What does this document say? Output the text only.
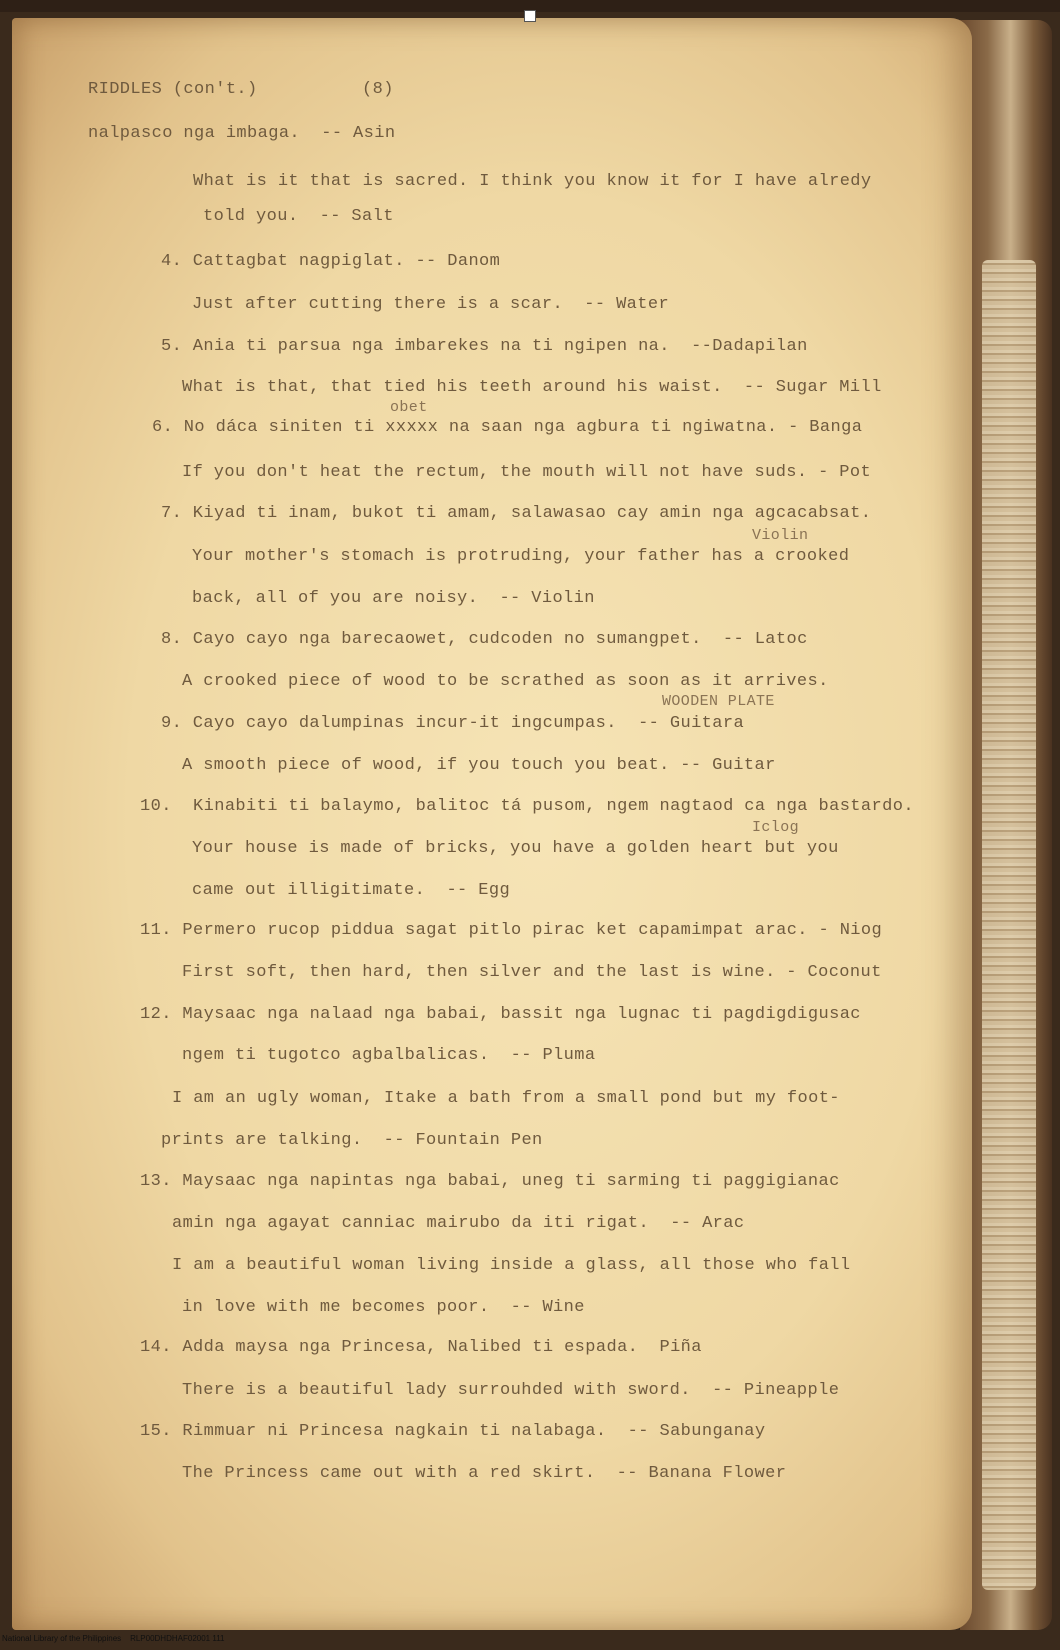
RIDDLES (con't.)	(8)
nalpasco nga imbaga.  -- Asin
What is it that is sacred. I think you know it for I have alredy
told you.  -- Salt
4. Cattagbat nagpiglat. -- Danom
Just after cutting there is a scar.  -- Water
5. Ania ti parsua nga imbarekes na ti ngipen na.  --Dadapilan
What is that, that tied his teeth around his waist.  -- Sugar Mill
obet
6. No dáca siniten ti xxxxx na saan nga agbura ti ngiwatna. - Banga
If you don't heat the rectum, the mouth will not have suds. - Pot
7. Kiyad ti inam, bukot ti amam, salawasao cay amin nga agcacabsat.
Violin
Your mother's stomach is protruding, your father has a crooked
back, all of you are noisy.  -- Violin
8. Cayo cayo nga barecaowet, cudcoden no sumangpet.  -- Latoc
A crooked piece of wood to be scrathed as soon as it arrives.
WOODEN PLATE
9. Cayo cayo dalumpinas incur-it ingcumpas.  -- Guitara
A smooth piece of wood, if you touch you beat. -- Guitar
10.  Kinabiti ti balaymo, balitoc tá pusom, ngem nagtaod ca nga bastardo.
Iclog
Your house is made of bricks, you have a golden heart but you
came out illigitimate.  -- Egg
11. Permero rucop piddua sagat pitlo pirac ket capamimpat arac. - Niog
First soft, then hard, then silver and the last is wine. - Coconut
12. Maysaac nga nalaad nga babai, bassit nga lugnac ti pagdigdigusac
ngem ti tugotco agbalbalicas.  -- Pluma
I am an ugly woman, Itake a bath from a small pond but my foot-
prints are talking.  -- Fountain Pen
13. Maysaac nga napintas nga babai, uneg ti sarming ti paggigianac
amin nga agayat canniac mairubo da iti rigat.  -- Arac
I am a beautiful woman living inside a glass, all those who fall
in love with me becomes poor.  -- Wine
14. Adda maysa nga Princesa, Nalibed ti espada.  Piña
There is a beautiful lady surrouhded with sword.  -- Pineapple
15. Rimmuar ni Princesa nagkain ti nalabaga.  -- Sabunganay
The Princess came out with a red skirt.  -- Banana Flower
National Library of the Philippines    RLP00DHDHAF02001 111
